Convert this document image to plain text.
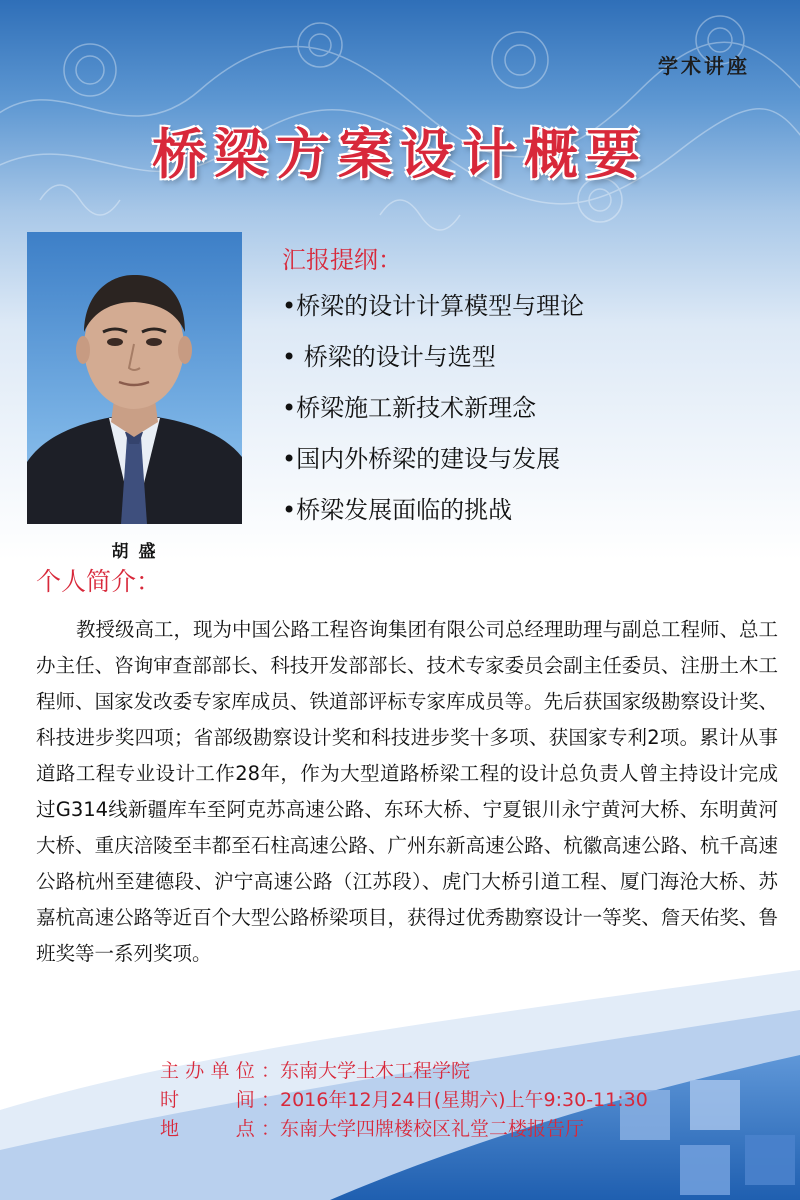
学术讲座
桥梁方案设计概要
胡 盛
汇报提纲：
•桥梁的设计计算模型与理论
• 桥梁的设计与选型
•桥梁施工新技术新理念
•国内外桥梁的建设与发展
•桥梁发展面临的挑战
个人简介：

教授级高工，现为中国公路工程咨询集团有限公司总经理助理与副总工程师、总工办主任、咨询审查部部长、科技开发部部长、技术专家委员会副主任委员、注册土木工程师、国家发改委专家库成员、铁道部评标专家库成员等。先后获国家级勘察设计奖、科技进步奖四项；省部级勘察设计奖和科技进步奖十多项、获国家专利2项。累计从事道路工程专业设计工作28年，作为大型道路桥梁工程的设计总负责人曾主持设计完成过G314线新疆库车至阿克苏高速公路、东环大桥、宁夏银川永宁黄河大桥、东明黄河大桥、重庆涪陵至丰都至石柱高速公路、广州东新高速公路、杭徽高速公路、杭千高速公路杭州至建德段、沪宁高速公路（江苏段）、虎门大桥引道工程、厦门海沧大桥、苏嘉杭高速公路等近百个大型公路桥梁项目，获得过优秀勘察设计一等奖、詹天佑奖、鲁班奖等一系列奖项。

主办单位：东南大学土木工程学院
时　　间：2016年12月24日(星期六)上午9:30-11:30
地　　点：东南大学四牌楼校区礼堂二楼报告厅
